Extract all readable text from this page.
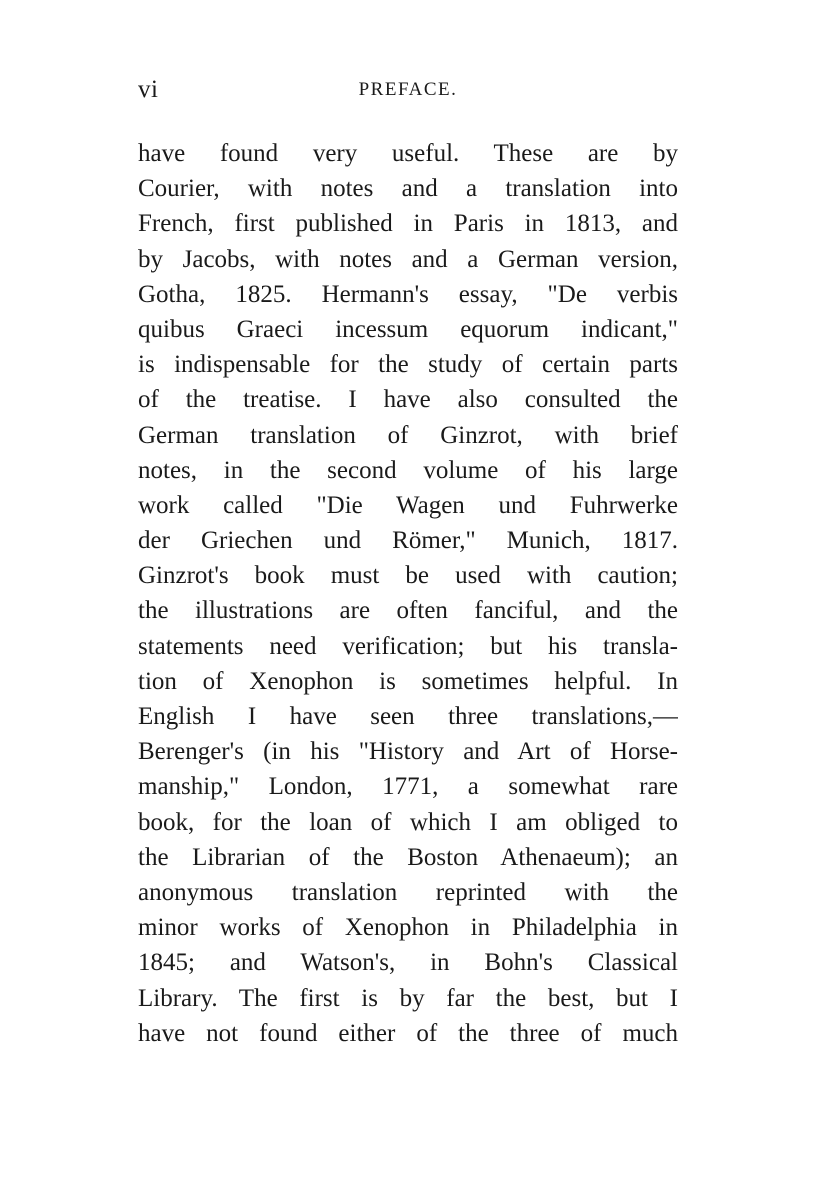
vi	PREFACE.
have found very useful. These are by
Courier, with notes and a translation into
French, first published in Paris in 1813, and
by Jacobs, with notes and a German version,
Gotha, 1825. Hermann's essay, "De verbis
quibus Graeci incessum equorum indicant,"
is indispensable for the study of certain parts
of the treatise. I have also consulted the
German translation of Ginzrot, with brief
notes, in the second volume of his large
work called "Die Wagen und Fuhrwerke
der Griechen und Römer," Munich, 1817.
Ginzrot's book must be used with caution;
the illustrations are often fanciful, and the
statements need verification; but his transla-
tion of Xenophon is sometimes helpful. In
English I have seen three translations,—
Berenger's (in his "History and Art of Horse-
manship," London, 1771, a somewhat rare
book, for the loan of which I am obliged to
the Librarian of the Boston Athenaeum); an
anonymous translation reprinted with the
minor works of Xenophon in Philadelphia in
1845; and Watson's, in Bohn's Classical
Library. The first is by far the best, but I
have not found either of the three of much
